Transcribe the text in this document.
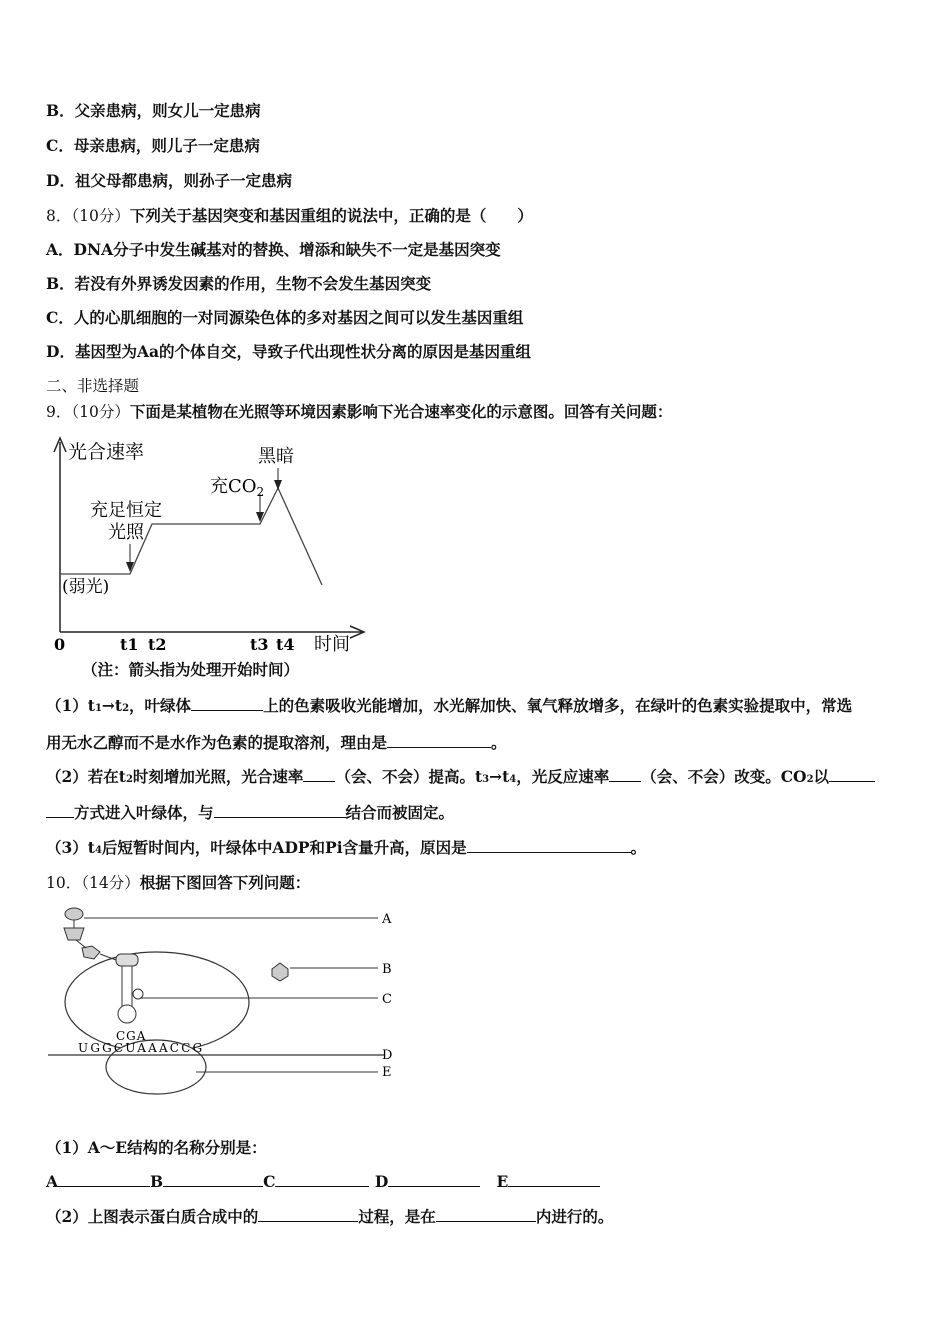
B．父亲患病，则女儿一定患病
C．母亲患病，则儿子一定患病
D．祖父母都患病，则孙子一定患病
8．（10分）下列关于基因突变和基因重组的说法中，正确的是（　　）
A．DNA分子中发生碱基对的替换、增添和缺失不一定是基因突变
B．若没有外界诱发因素的作用，生物不会发生基因突变
C．人的心肌细胞的一对同源染色体的多对基因之间可以发生基因重组
D．基因型为Aa的个体自交，导致子代出现性状分离的原因是基因重组
二、非选择题
9．（10分）下面是某植物在光照等环境因素影响下光合速率变化的示意图。回答有关问题：
光合速率
时间
0	t1 t2	t3 t4
(弱光)
充足恒定
光照
充$CO_2$
黑暗
（注：箭头指为处理开始时间）
（1）t1→t2，叶绿体	上的色素吸收光能增加，水光解加快、氧气释放增多，在绿叶的色素实验提取中，常选
用无水乙醇而不是水作为色素的提取溶剂，理由是	。
（2）若在t2时刻增加光照，光合速率 （会、不会）提高。t3→t4，光反应速率 （会、不会）改变。CO2以
方式进入叶绿体，与	结合而被固定。
（3）t4后短暂时间内，叶绿体中ADP和Pi含量升高，原因是	。
10．（14分）根据下图回答下列问题：
A
B
C
D
E
CGA
UGGCUAAACCG
（1）A～E结构的名称分别是：
A	B	C	D	E
（2）上图表示蛋白质合成中的	过程，是在	内进行的。
